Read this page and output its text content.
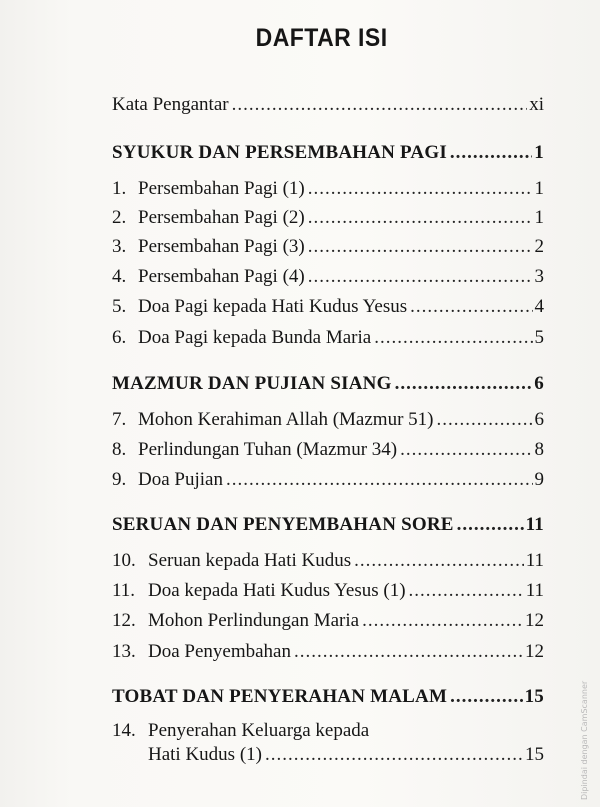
DAFTAR ISI
Kata Pengantar .....	xi
SYUKUR DAN PERSEMBAHAN PAGI .....	1
1. Persembahan Pagi (1) .....	1
2. Persembahan Pagi (2) .....	1
3. Persembahan Pagi (3) .....	2
4. Persembahan Pagi (4) .....	3
5. Doa Pagi kepada Hati Kudus Yesus .....	4
6. Doa Pagi kepada Bunda Maria .....	5
MAZMUR DAN PUJIAN SIANG .....	6
7. Mohon Kerahiman Allah (Mazmur 51) .....	6
8. Perlindungan Tuhan (Mazmur 34) .....	8
9. Doa Pujian .....	9
SERUAN DAN PENYEMBAHAN SORE .....	11
10. Seruan kepada Hati Kudus .....	11
11. Doa kepada Hati Kudus Yesus (1) .....	11
12. Mohon Perlindungan Maria .....	12
13. Doa Penyembahan .....	12
TOBAT DAN PENYERAHAN MALAM .....	15
14. Penyerahan Keluarga kepada
Hati Kudus (1) .....	15	Dipindai dengan CamScanner
